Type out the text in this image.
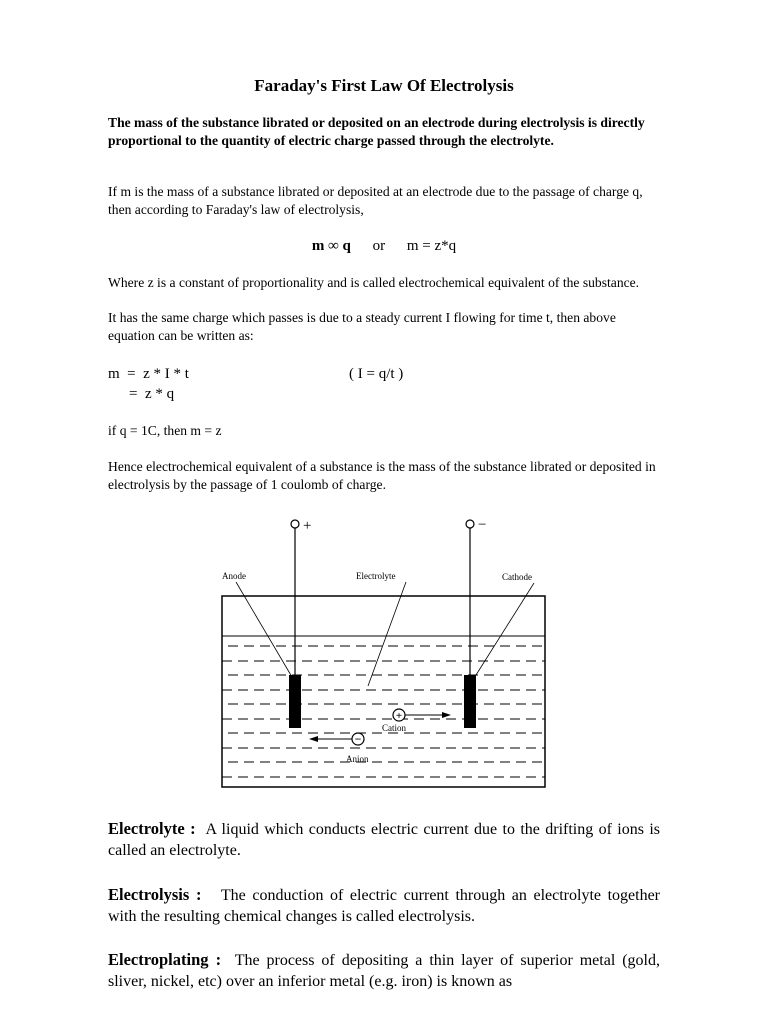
Faraday's First Law Of Electrolysis
The mass of the substance librated or deposited on an electrode during electrolysis is directly proportional to the quantity of electric charge passed through the electrolyte.
If m is the mass of a substance librated or deposited at an electrode due to the passage of charge q, then according to Faraday's law of electrolysis,
m ∞ q or m = z*q
Where z is a constant of proportionality and is called electrochemical equivalent of the substance.
It has the same charge which passes is due to a steady current I flowing for time t, then above equation can be written as:
m  =  z * I * t	( I = q/t )
=  z * q
if q = 1C, then m = z
Hence electrochemical equivalent of a substance is the mass of the substance librated or deposited in electrolysis by the passage of 1 coulomb of charge.
+	−
Anode	Electrolyte	Cathode
+
Cation
−
Anion
Electrolyte : A liquid which conducts electric current due to the drifting of ions is called an electrolyte.
Electrolysis : The conduction of electric current through an electrolyte together with the resulting chemical changes is called electrolysis.
Electroplating : The process of depositing a thin layer of superior metal (gold, sliver, nickel, etc) over an inferior metal (e.g. iron) is known as
